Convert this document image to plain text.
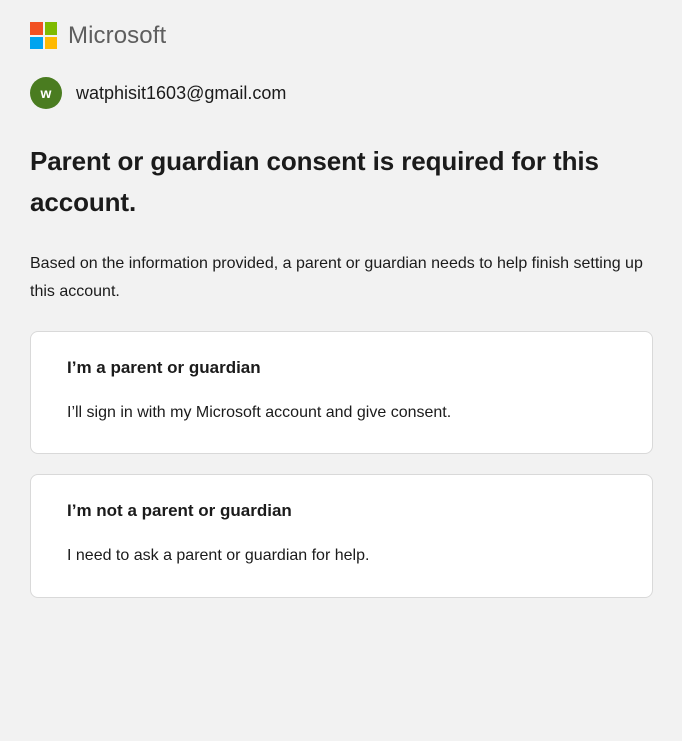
Microsoft
w	watphisit1603@gmail.com
Parent or guardian consent is required for this account.

Based on the information provided, a parent or guardian needs to help finish setting up this account.

I’m a parent or guardian

I’ll sign in with my Microsoft account and give consent.

I’m not a parent or guardian

I need to ask a parent or guardian for help.
